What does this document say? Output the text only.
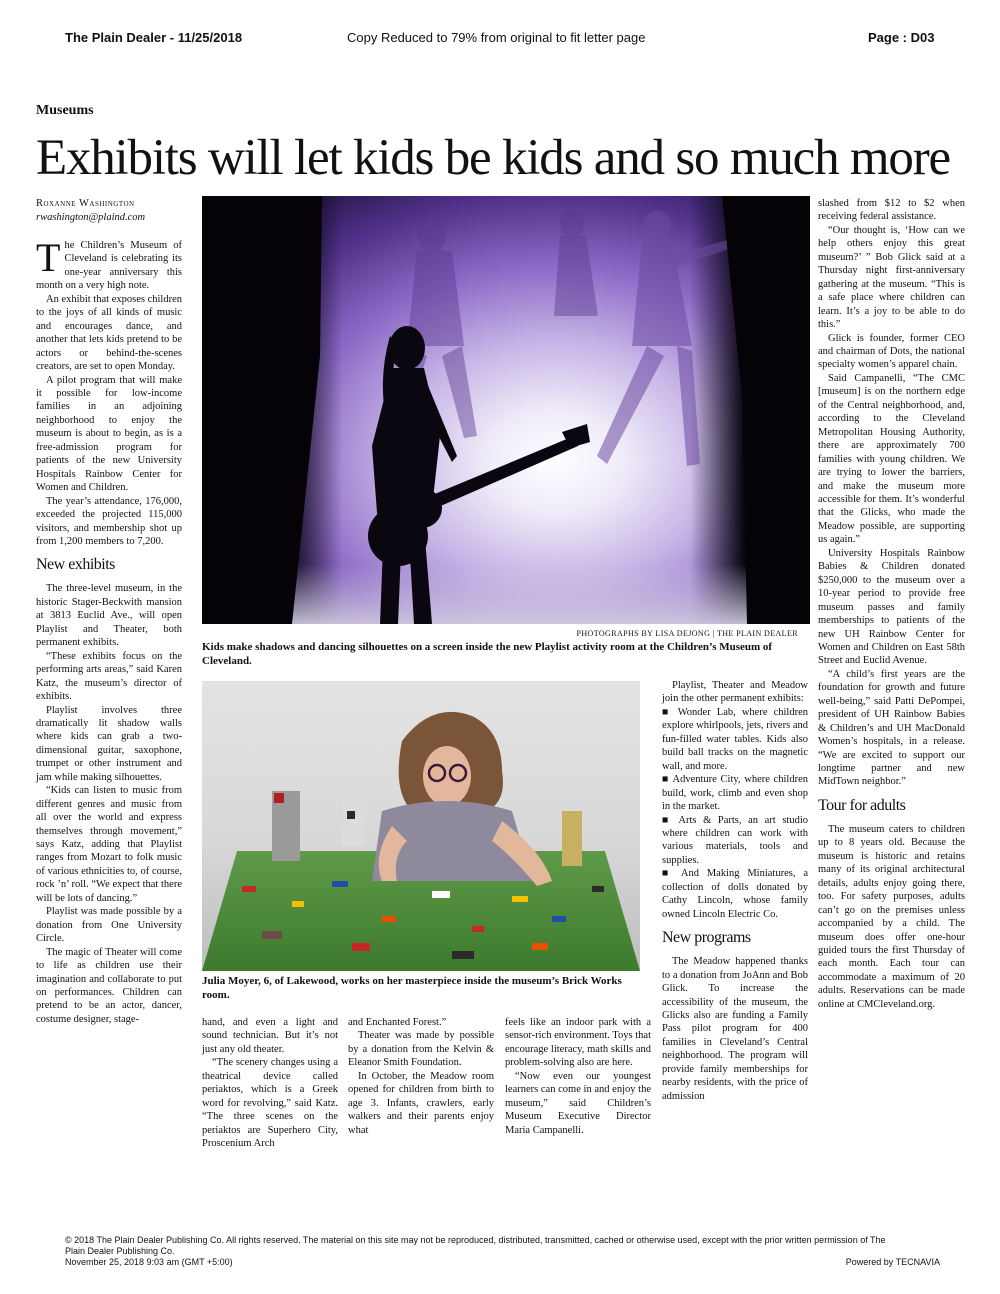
The Plain Dealer - 11/25/2018	Copy Reduced to 79% from original to fit letter page	Page : D03
Museums
Exhibits will let kids be kids and so much more
Roxanne Washington
rwashington@plaind.com

The Children’s Museum of Cleveland is celebrating its one-year anniversary this month on a very high note.

An exhibit that exposes children to the joys of all kinds of music and encourages dance, and another that lets kids pretend to be actors or behind-the-scenes creators, are set to open Monday.

A pilot program that will make it possible for low-income families in an adjoining neighborhood to enjoy the museum is about to begin, as is a free-admission program for patients of the new University Hospitals Rainbow Center for Women and Children.

The year’s attendance, 176,000, exceeded the projected 115,000 visitors, and membership shot up from 1,200 members to 7,200.

New exhibits

The three-level museum, in the historic Stager-Beckwith mansion at 3813 Euclid Ave., will open Playlist and Theater, both permanent exhibits.

“These exhibits focus on the performing arts areas,” said Karen Katz, the museum’s director of exhibits.

Playlist involves three dramatically lit shadow walls where kids can grab a two-dimensional guitar, saxophone, trumpet or other instrument and jam while making silhouettes.

“Kids can listen to music from different genres and music from all over the world and express themselves through movement,” says Katz, adding that Playlist ranges from Mozart to folk music of various ethnicities to, of course, rock ’n’ roll. “We expect that there will be lots of dancing.”

Playlist was made possible by a donation from One University Circle.

The magic of Theater will come to life as children use their imagination and collaborate to put on performances. Children can pretend to be an actor, dancer, costume designer, stage-

PHOTOGRAPHS BY LISA DEJONG | THE PLAIN DEALER
Kids make shadows and dancing silhouettes on a screen inside the new Playlist activity room at the Children’s Museum of Cleveland.
Julia Moyer, 6, of Lakewood, works on her masterpiece inside the museum’s Brick Works room.

hand, and even a light and sound technician. But it’s not just any old theater.

“The scenery changes using a theatrical device called periaktos, which is a Greek word for revolving,” said Katz. “The three scenes on the periaktos are Superhero City, Proscenium Arch

and Enchanted Forest.”

Theater was made by possible by a donation from the Kelvin & Eleanor Smith Foundation.

In October, the Meadow room opened for children from birth to age 3. Infants, crawlers, early walkers and their parents enjoy what

feels like an indoor park with a sensor-rich environment. Toys that encourage literacy, math skills and problem-solving also are here.

“Now even our youngest learners can come in and enjoy the museum,” said Children’s Museum Executive Director Maria Campanelli.

Playlist, Theater and Meadow join the other permanent exhibits:

■ Wonder Lab, where children explore whirlpools, jets, rivers and fun-filled water tables. Kids also build ball tracks on the magnetic wall, and more.

■ Adventure City, where children build, work, climb and even shop in the market.

■ Arts & Parts, an art studio where children can work with various materials, tools and supplies.

■ And Making Miniatures, a collection of dolls donated by Cathy Lincoln, whose family owned Lincoln Electric Co.

New programs

The Meadow happened thanks to a donation from JoAnn and Bob Glick. To increase the accessibility of the museum, the Glicks also are funding a Family Pass pilot program for 400 families in Cleveland’s Central neighborhood. The program will provide family memberships for nearby residents, with the price of admission

slashed from $12 to $2 when receiving federal assistance.

“Our thought is, ‘How can we help others enjoy this great museum?’ ” Bob Glick said at a Thursday night first-anniversary gathering at the museum. “This is a safe place where children can learn. It’s a joy to be able to do this.”

Glick is founder, former CEO and chairman of Dots, the national specialty women’s apparel chain.

Said Campanelli, “The CMC [museum] is on the northern edge of the Central neighborhood, and, according to the Cleveland Metropolitan Housing Authority, there are approximately 700 families with young children. We are trying to lower the barriers, and make the museum more accessible for them. It’s wonderful that the Glicks, who made the Meadow possible, are supporting us again.”

University Hospitals Rainbow Babies & Children donated $250,000 to the museum over a 10-year period to provide free museum passes and family memberships to patients of the new UH Rainbow Center for Women and Children on East 58th Street and Euclid Avenue.

“A child’s first years are the foundation for growth and future well-being,” said Patti DePompei, president of UH Rainbow Babies & Children’s and UH MacDonald Women’s hospitals, in a release. “We are excited to support our longtime partner and new MidTown neighbor.”

Tour for adults

The museum caters to children up to 8 years old. Because the museum is historic and retains many of its original architectural details, adults enjoy going there, too. For safety purposes, adults can’t go on the premises unless accompanied by a child. The museum does offer one-hour guided tours the first Thursday of each month. Each tour can accommodate a maximum of 20 adults. Reservations can be made online at CMCleveland.org.

© 2018 The Plain Dealer Publishing Co. All rights reserved. The material on this site may not be reproduced, distributed, transmitted, cached or otherwise used, except with the prior written permission of The Plain Dealer Publishing Co.
November 25, 2018 9:03 am (GMT +5:00)	Powered by TECNAVIA
